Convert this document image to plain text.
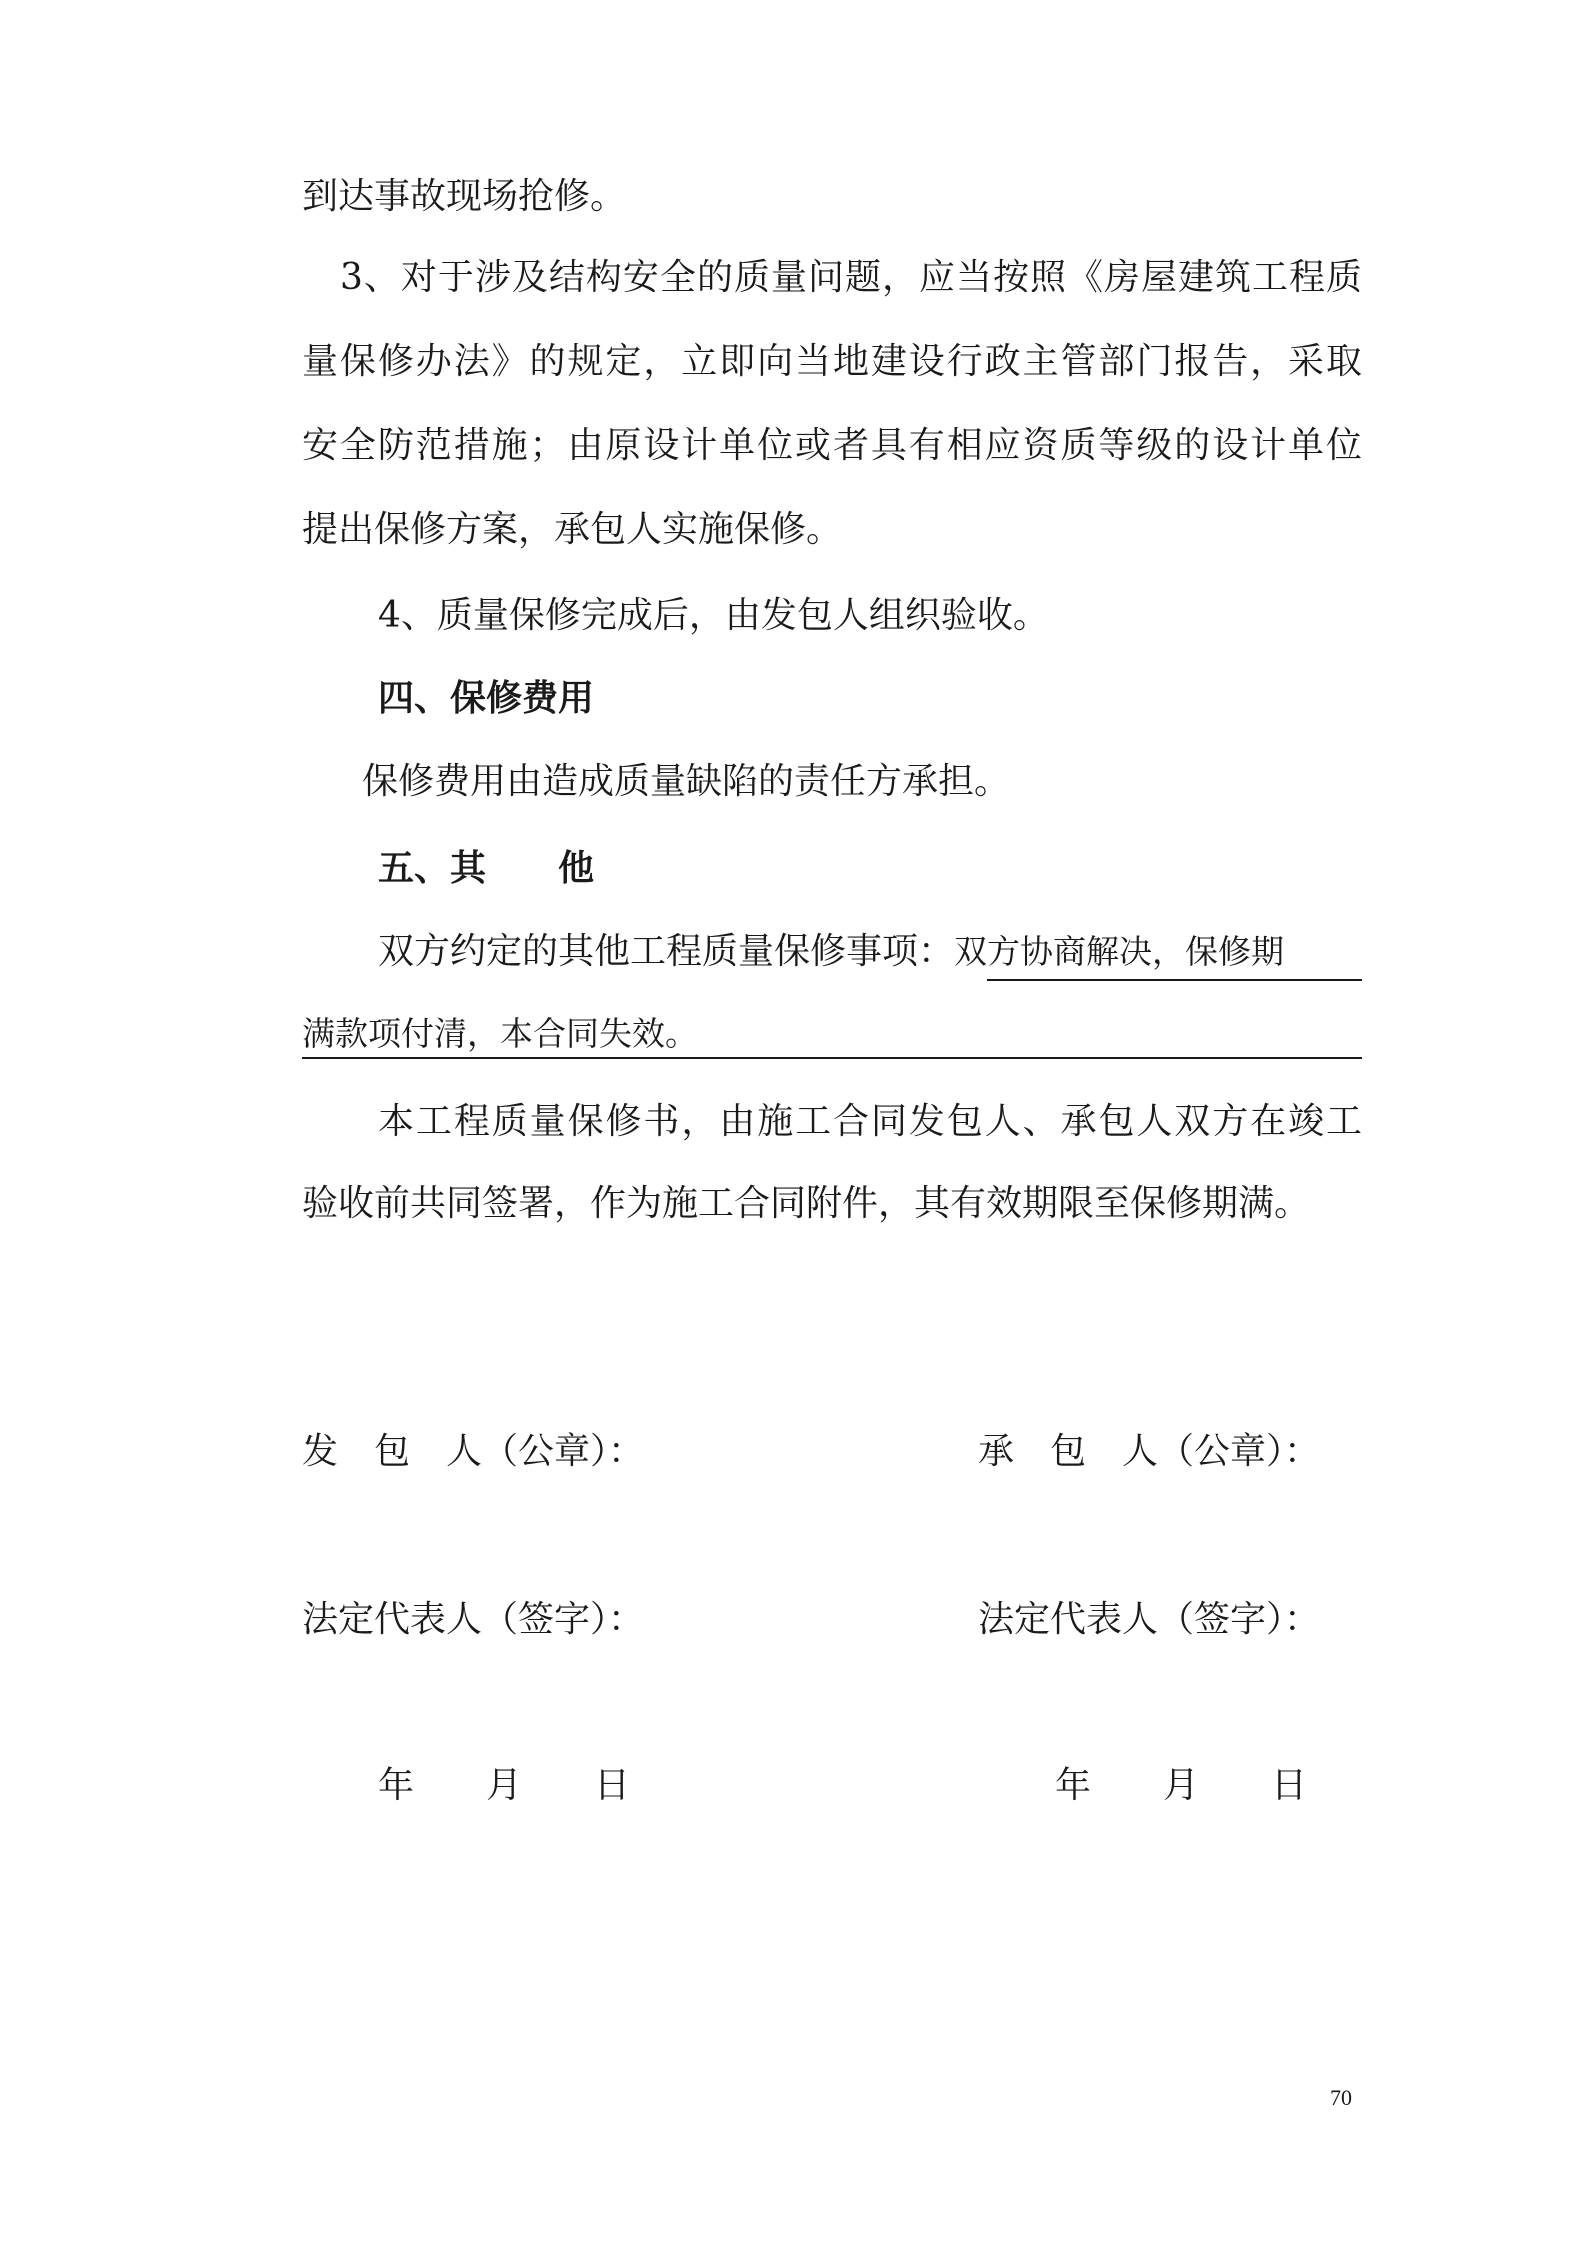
到达事故现场抢修。
3、对于涉及结构安全的质量问题，应当按照《房屋建筑工程质
量保修办法》的规定，立即向当地建设行政主管部门报告，采取
安全防范措施；由原设计单位或者具有相应资质等级的设计单位
提出保修方案，承包人实施保修。
4、质量保修完成后，由发包人组织验收。
四、保修费用
保修费用由造成质量缺陷的责任方承担。
五、其　　他
双方约定的其他工程质量保修事项：双方协商解决，保修期
满款项付清，本合同失效。
本工程质量保修书，由施工合同发包人、承包人双方在竣工
验收前共同签署，作为施工合同附件，其有效期限至保修期满。
发　包　人（公章）：	承　包　人（公章）：
法定代表人（签字）：	法定代表人（签字）：
年　　月　　日	年　　月　　日
70
